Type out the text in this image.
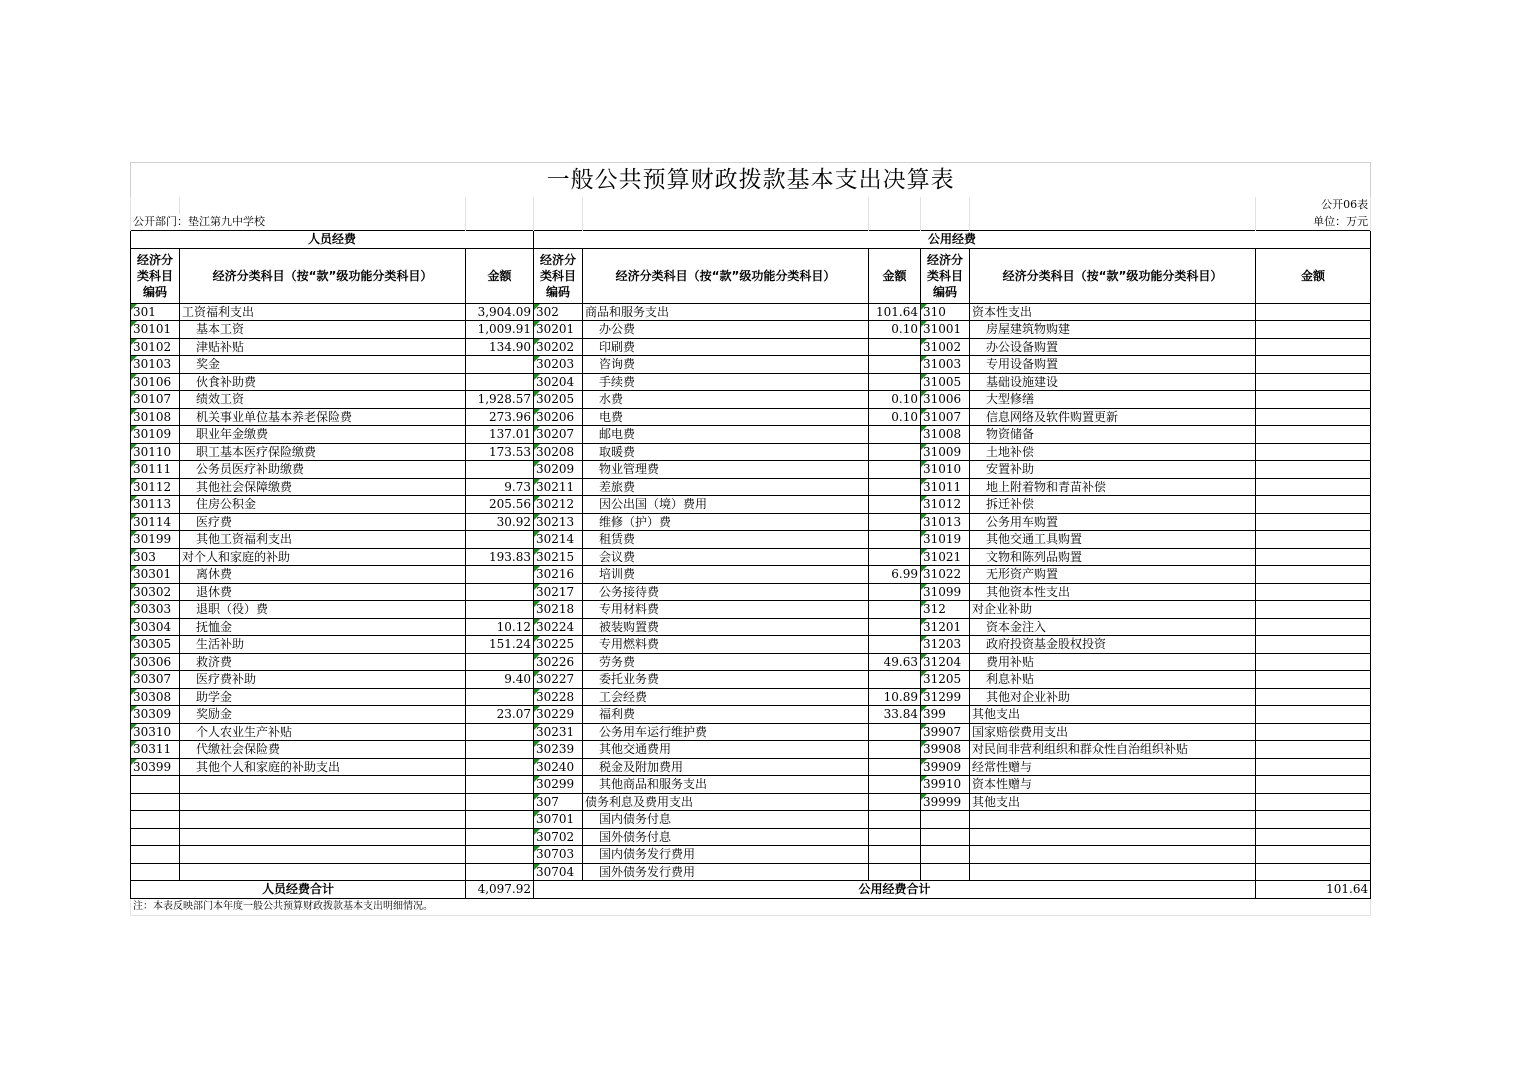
一般公共预算财政拨款基本支出决算表								
								公开06表
公开部门：垫江第九中学校								单位：万元
人员经费			公用经费					
经济分类科目编码	经济分类科目（按“款”级功能分类科目）	金额	经济分类科目编码	经济分类科目（按“款”级功能分类科目）	金额	经济分类科目编码	经济分类科目（按“款”级功能分类科目）	金额
301	工资福利支出	3,904.09	302	商品和服务支出	101.64	310	资本性支出	
30101	基本工资	1,009.91	30201	办公费	0.10	31001	房屋建筑物购建	
30102	津贴补贴	134.90	30202	印刷费		31002	办公设备购置	
30103	奖金		30203	咨询费		31003	专用设备购置	
30106	伙食补助费		30204	手续费		31005	基础设施建设	
30107	绩效工资	1,928.57	30205	水费	0.10	31006	大型修缮	
30108	机关事业单位基本养老保险费	273.96	30206	电费	0.10	31007	信息网络及软件购置更新	
30109	职业年金缴费	137.01	30207	邮电费		31008	物资储备	
30110	职工基本医疗保险缴费	173.53	30208	取暖费		31009	土地补偿	
30111	公务员医疗补助缴费		30209	物业管理费		31010	安置补助	
30112	其他社会保障缴费	9.73	30211	差旅费		31011	地上附着物和青苗补偿	
30113	住房公积金	205.56	30212	因公出国（境）费用		31012	拆迁补偿	
30114	医疗费	30.92	30213	维修（护）费		31013	公务用车购置	
30199	其他工资福利支出		30214	租赁费		31019	其他交通工具购置	
303	对个人和家庭的补助	193.83	30215	会议费		31021	文物和陈列品购置	
30301	离休费		30216	培训费	6.99	31022	无形资产购置	
30302	退休费		30217	公务接待费		31099	其他资本性支出	
30303	退职（役）费		30218	专用材料费		312	对企业补助	
30304	抚恤金	10.12	30224	被装购置费		31201	资本金注入	
30305	生活补助	151.24	30225	专用燃料费		31203	政府投资基金股权投资	
30306	救济费		30226	劳务费	49.63	31204	费用补贴	
30307	医疗费补助	9.40	30227	委托业务费		31205	利息补贴	
30308	助学金		30228	工会经费	10.89	31299	其他对企业补助	
30309	奖励金	23.07	30229	福利费	33.84	399	其他支出	
30310	个人农业生产补贴		30231	公务用车运行维护费		39907	国家赔偿费用支出	
30311	代缴社会保险费		30239	其他交通费用		39908	对民间非营利组织和群众性自治组织补贴	
30399	其他个人和家庭的补助支出		30240	税金及附加费用		39909	经常性赠与	
			30299	其他商品和服务支出		39910	资本性赠与	
			307	债务利息及费用支出		39999	其他支出	
			30701	国内债务付息				
			30702	国外债务付息				
			30703	国内债务发行费用				
			30704	国外债务发行费用				
人员经费合计		4,097.92	公用经费合计					101.64
注：本表反映部门本年度一般公共预算财政拨款基本支出明细情况。								
